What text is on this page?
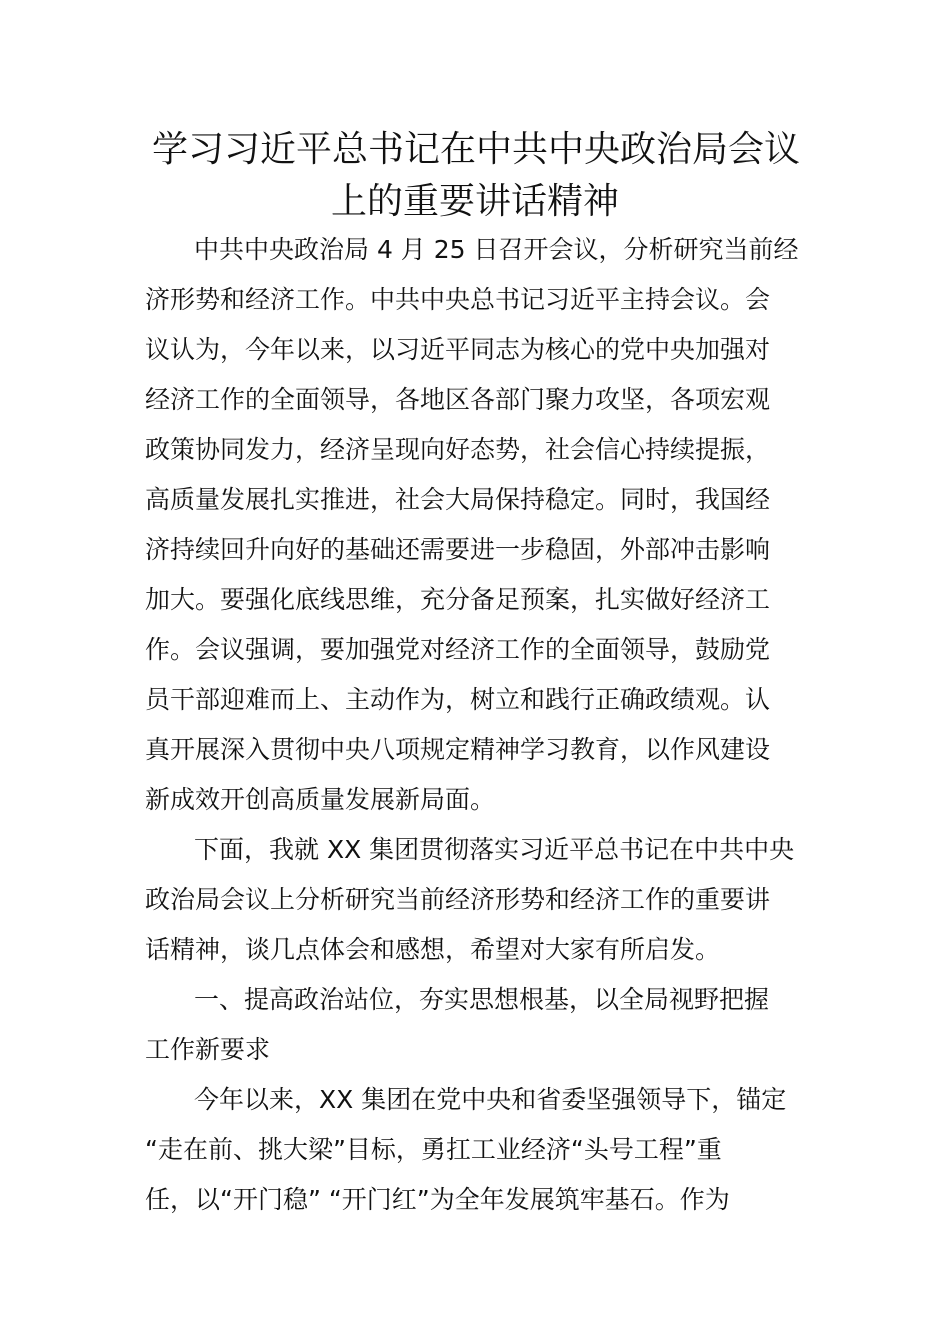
学习习近平总书记在中共中央政治局会议
上的重要讲话精神
中共中央政治局 4 月 25 日召开会议，分析研究当前经
济形势和经济工作。中共中央总书记习近平主持会议。会
议认为，今年以来，以习近平同志为核心的党中央加强对
经济工作的全面领导，各地区各部门聚力攻坚，各项宏观
政策协同发力，经济呈现向好态势，社会信心持续提振，
高质量发展扎实推进，社会大局保持稳定。同时，我国经
济持续回升向好的基础还需要进一步稳固，外部冲击影响
加大。要强化底线思维，充分备足预案，扎实做好经济工
作。会议强调，要加强党对经济工作的全面领导，鼓励党
员干部迎难而上、主动作为，树立和践行正确政绩观。认
真开展深入贯彻中央八项规定精神学习教育，以作风建设
新成效开创高质量发展新局面。
下面，我就 XX 集团贯彻落实习近平总书记在中共中央
政治局会议上分析研究当前经济形势和经济工作的重要讲
话精神，谈几点体会和感想，希望对大家有所启发。
一、提高政治站位，夯实思想根基，以全局视野把握
工作新要求
今年以来，XX 集团在党中央和省委坚强领导下，锚定
“走在前、挑大梁”目标，勇扛工业经济“头号工程”重
任，以“开门稳” “开门红”为全年发展筑牢基石。作为
